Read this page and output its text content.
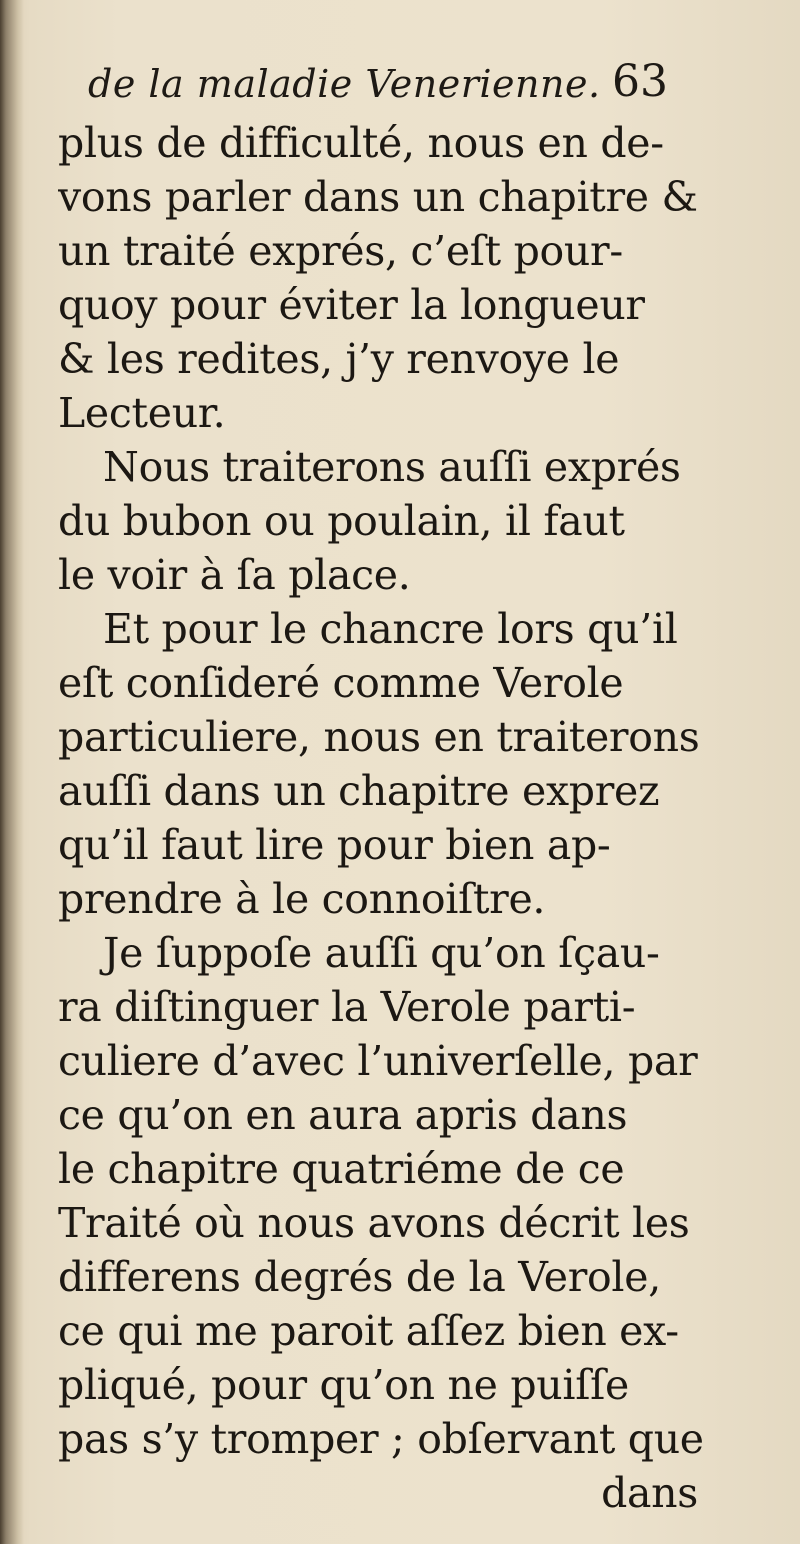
de la maladie Venerienne. 63
plus de difficulté, nous en de-
vons parler dans un chapitre &
un traité exprés, c’eſt pour-
quoy pour éviter la longueur
& les redites, j’y renvoye le
Lecteur.
Nous traiterons auſſi exprés
du bubon ou poulain, il faut
le voir à ſa place.
Et pour le chancre lors qu’il
eſt conſideré comme Verole
particuliere, nous en traiterons
auſſi dans un chapitre exprez
qu’il faut lire pour bien ap-
prendre à le connoiſtre.
Je ſuppoſe auſſi qu’on ſçau-
ra diſtinguer la Verole parti-
culiere d’avec l’univerſelle, par
ce qu’on en aura apris dans
le chapitre quatriéme de ce
Traité où nous avons décrit les
differens degrés de la Verole,
ce qui me paroit aſſez bien ex-
pliqué, pour qu’on ne puiſſe
pas s’y tromper ; obſervant que
dans
